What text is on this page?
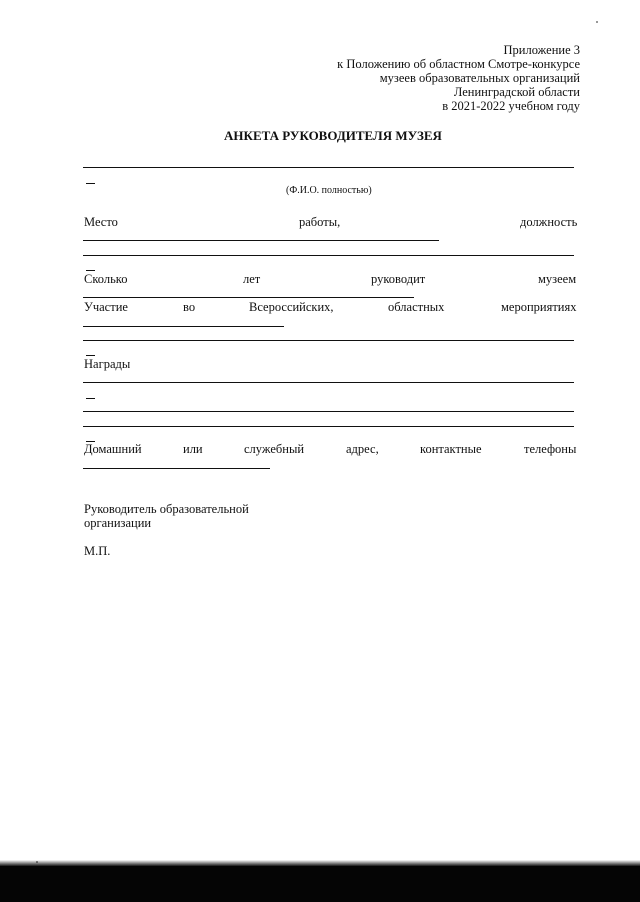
Приложение 3
к Положению об областном Смотре-конкурсе
музеев образовательных организаций
Ленинградской области
в 2021-2022 учебном году
АНКЕТА РУКОВОДИТЕЛЯ МУЗЕЯ
(Ф.И.О. полностью)
Место	работы,	должность
Сколько	лет	руководит	музеем
Участие	во	Всероссийских,	областных	мероприятиях
Награды
Домашний	или	служебный	адрес,	контактные	телефоны
Руководитель образовательной
организации
М.П.
